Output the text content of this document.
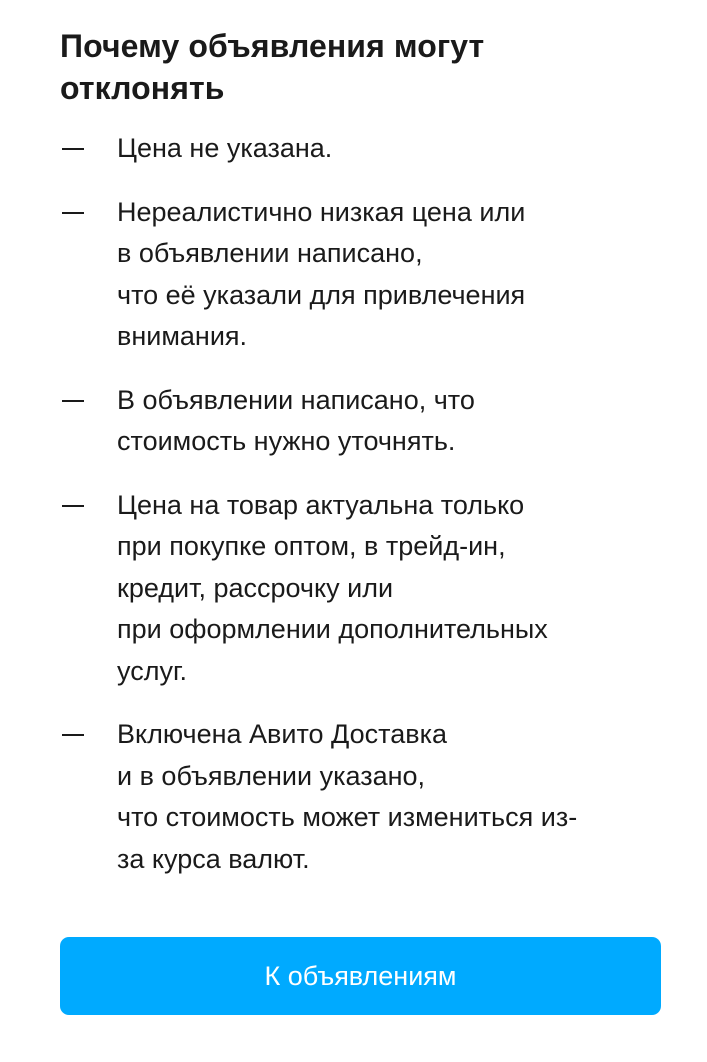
Почему объявления могут
отклонять
Цена не указана.
Нереалистично низкая цена или
в объявлении написано,
что её указали для привлечения
внимания.
В объявлении написано, что
стоимость нужно уточнять.
Цена на товар актуальна только
при покупке оптом, в трейд-ин,
кредит, рассрочку или
при оформлении дополнительных
услуг.
Включена Авито Доставка
и в объявлении указано,
что стоимость может измениться из-
за курса валют.
К объявлениям
